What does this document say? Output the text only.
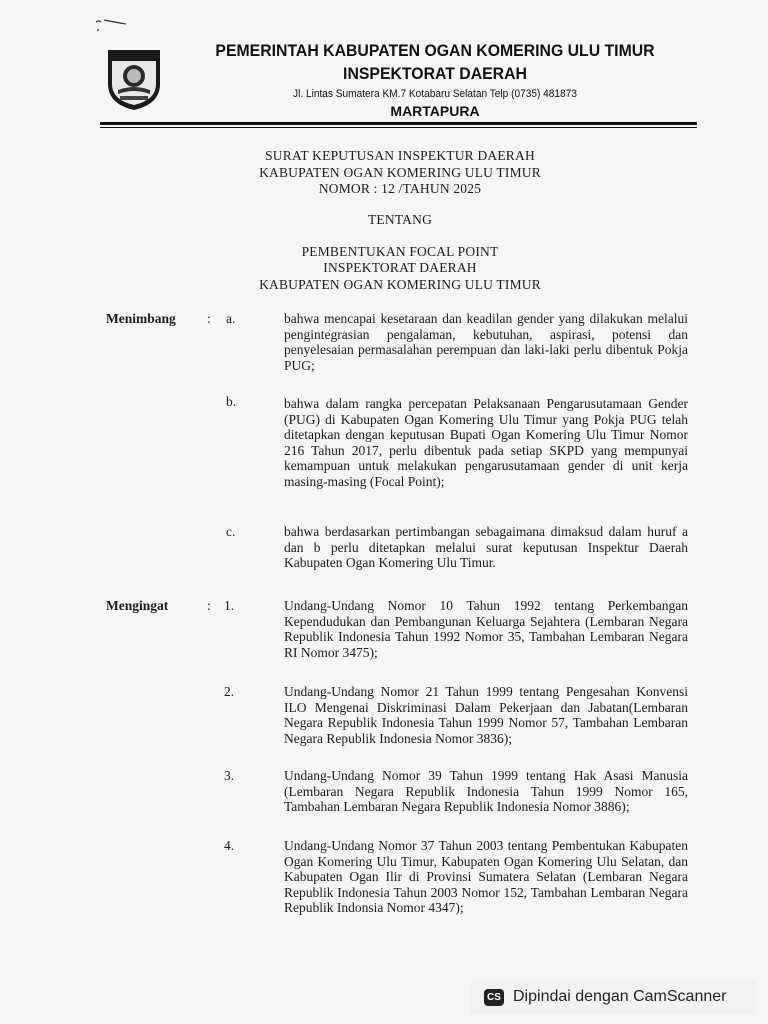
PEMERINTAH KABUPATEN OGAN KOMERING ULU TIMUR
INSPEKTORAT DAERAH
Jl. Lintas Sumatera KM.7 Kotabaru Selatan Telp (0735) 481873
MARTAPURA
SURAT KEPUTUSAN INSPEKTUR DAERAH
KABUPATEN OGAN KOMERING ULU TIMUR
NOMOR : 12 /TAHUN 2025
TENTANG
PEMBENTUKAN FOCAL POINT
INSPEKTORAT DAERAH
KABUPATEN OGAN KOMERING ULU TIMUR
Menimbang : a.	bahwa mencapai kesetaraan dan keadilan gender yang dilakukan melalui pengintegrasian pengalaman, kebutuhan, aspirasi, potensi dan penyelesaian permasalahan perempuan dan laki-laki perlu dibentuk Pokja PUG;
b.	bahwa dalam rangka percepatan Pelaksanaan Pengarusutamaan Gender (PUG) di Kabupaten Ogan Komering Ulu Timur yang Pokja PUG telah ditetapkan dengan keputusan Bupati Ogan Komering Ulu Timur Nomor 216 Tahun 2017, perlu dibentuk pada setiap SKPD yang mempunyai kemampuan untuk melakukan pengarusutamaan gender di unit kerja masing-masing (Focal Point);
c.	bahwa berdasarkan pertimbangan sebagaimana dimaksud dalam huruf a dan b perlu ditetapkan melalui surat keputusan Inspektur Daerah Kabupaten Ogan Komering Ulu Timur.
Mengingat	: 1.	Undang-Undang Nomor 10 Tahun 1992 tentang Perkembangan Kependudukan dan Pembangunan Keluarga Sejahtera (Lembaran Negara Republik Indonesia Tahun 1992 Nomor 35, Tambahan Lembaran Negara RI Nomor 3475);
2.	Undang-Undang Nomor 21 Tahun 1999 tentang Pengesahan Konvensi ILO Mengenai Diskriminasi Dalam Pekerjaan dan Jabatan(Lembaran Negara Republik Indonesia Tahun 1999 Nomor 57, Tambahan Lembaran Negara Republik Indonesia Nomor 3836);
3.	Undang-Undang Nomor 39 Tahun 1999 tentang Hak Asasi Manusia (Lembaran Negara Republik Indonesia Tahun 1999 Nomor 165, Tambahan Lembaran Negara Republik Indonesia Nomor 3886);
4.	Undang-Undang Nomor 37 Tahun 2003 tentang Pembentukan Kabupaten Ogan Komering Ulu Timur, Kabupaten Ogan Komering Ulu Selatan, dan Kabupaten Ogan Ilir di Provinsi Sumatera Selatan (Lembaran Negara Republik Indonesia Tahun 2003 Nomor 152, Tambahan Lembaran Negara Republik Indonsia Nomor 4347);
CS Dipindai dengan CamScanner
